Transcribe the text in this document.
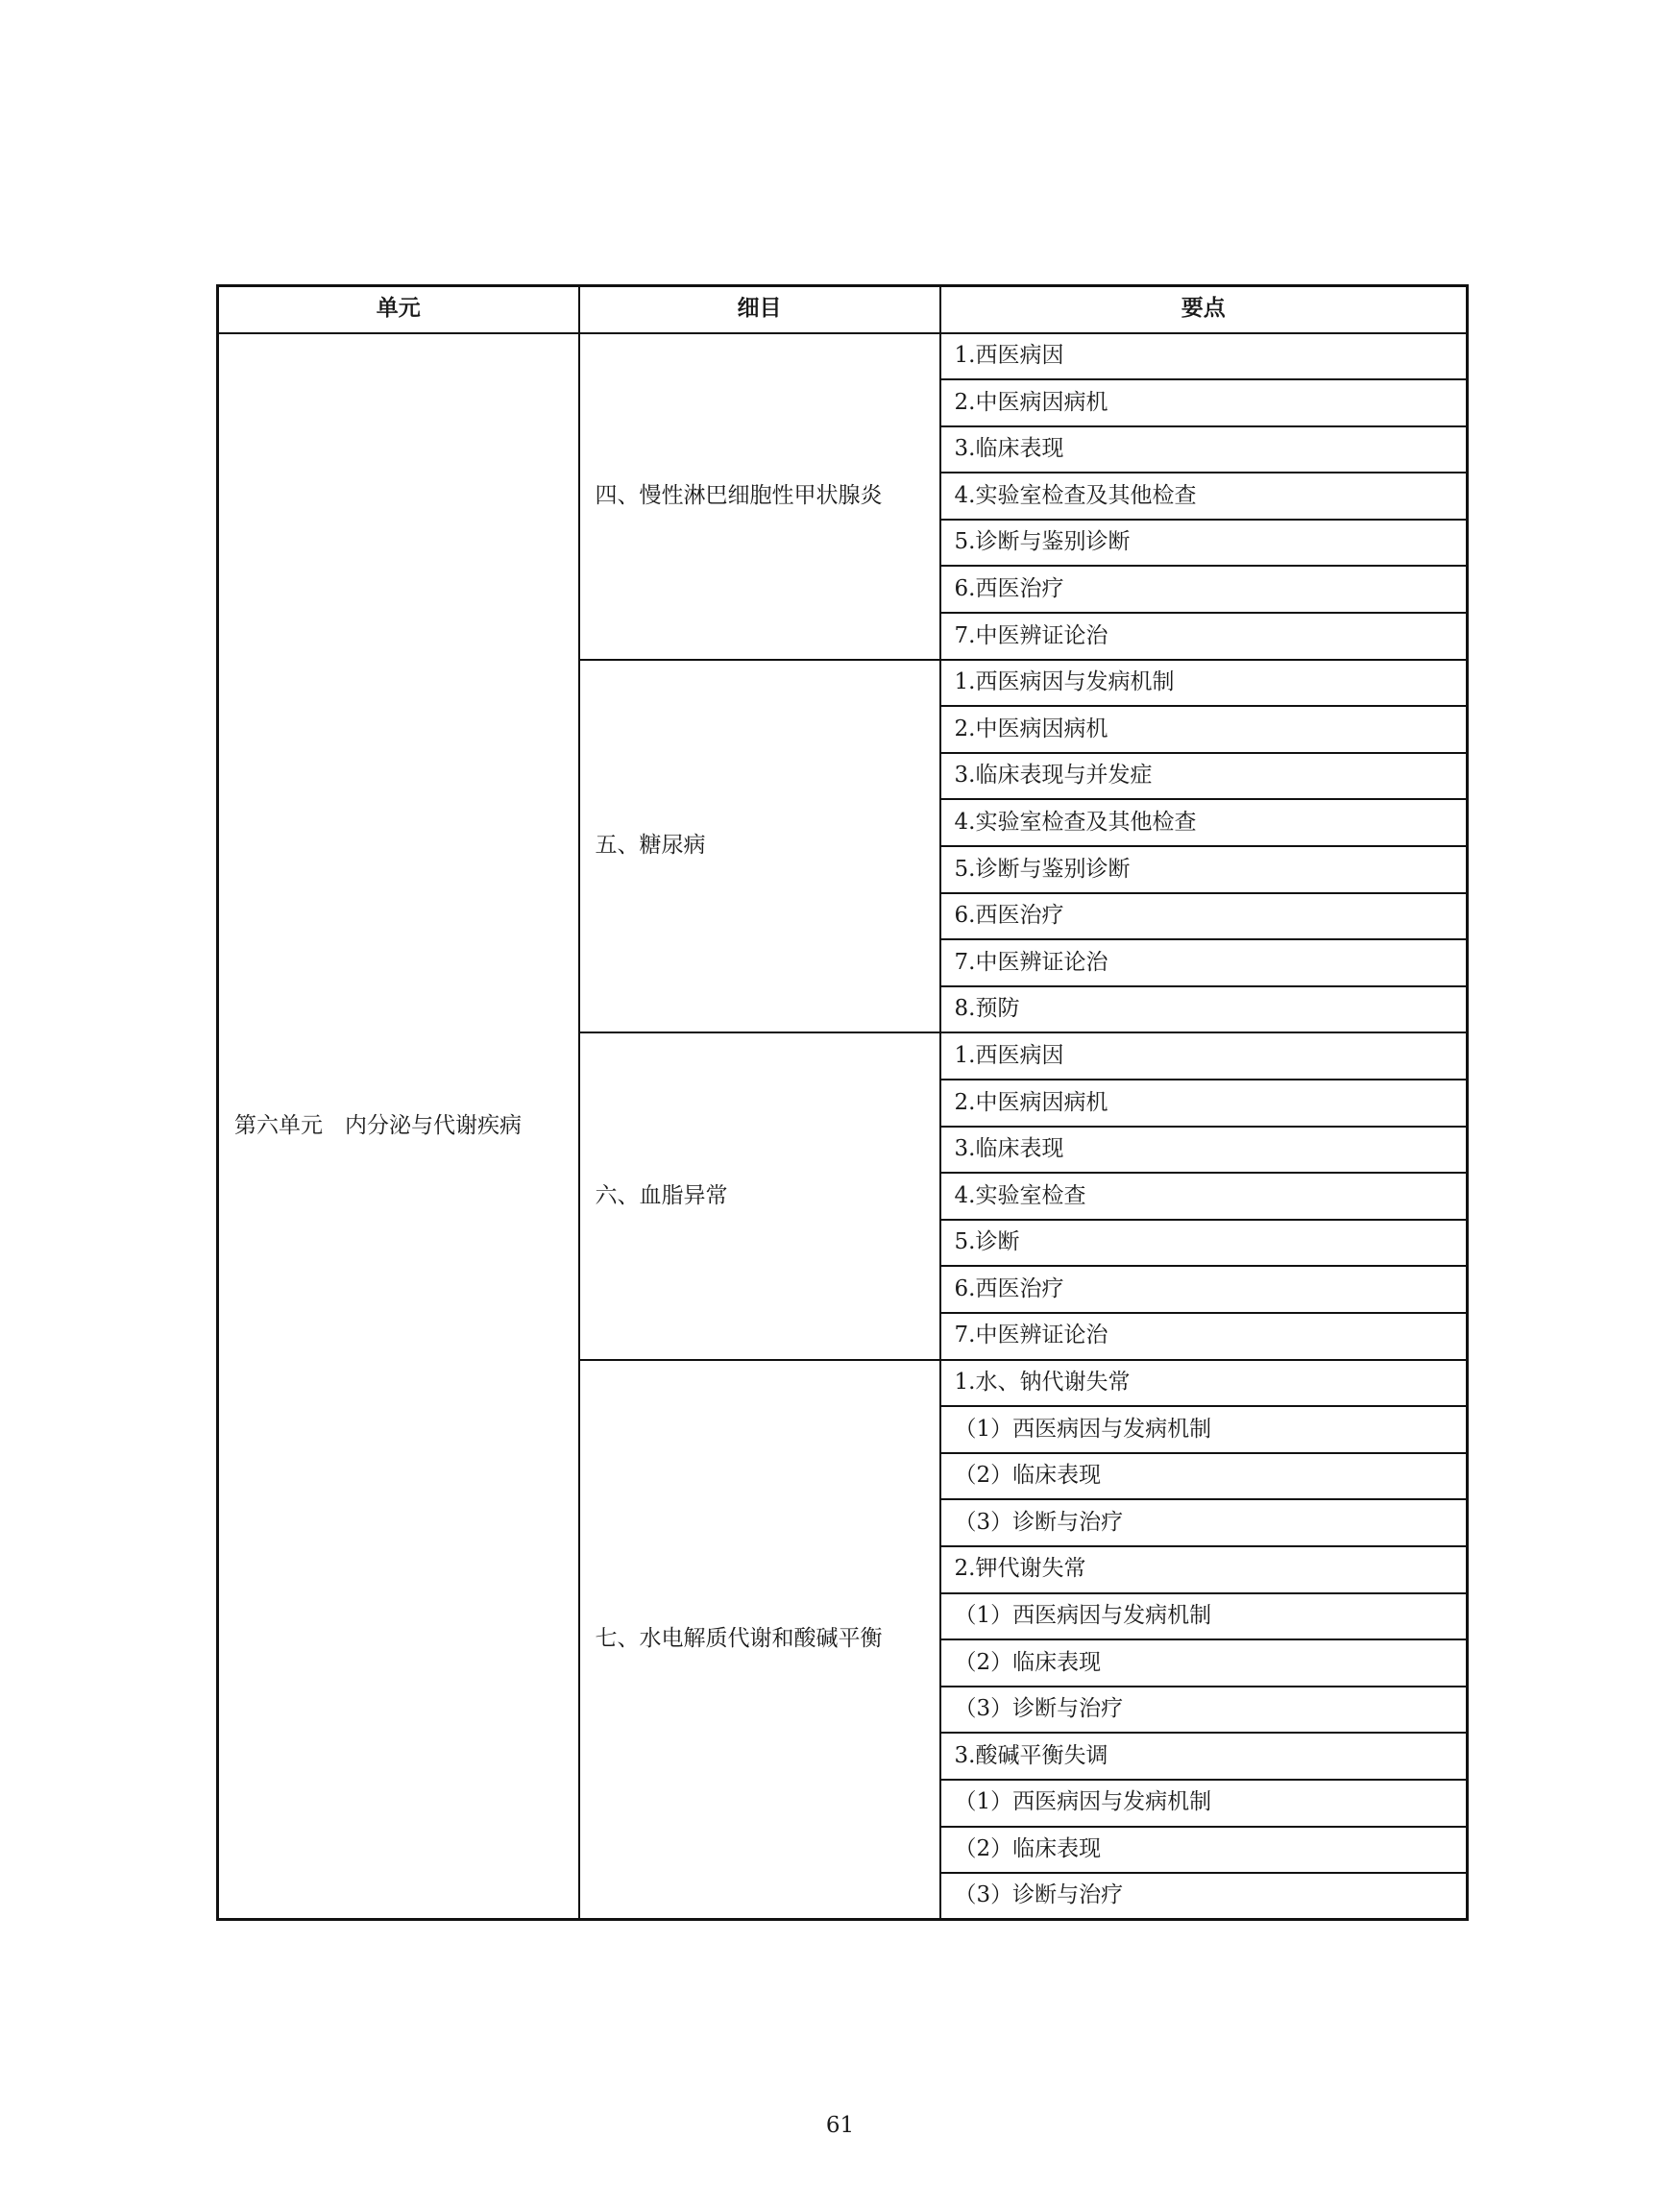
单元	细目	要点
第六单元　内分泌与代谢疾病	四、慢性淋巴细胞性甲状腺炎	1.西医病因
		2.中医病因病机
		3.临床表现
		4.实验室检查及其他检查
		5.诊断与鉴别诊断
		6.西医治疗
		7.中医辨证论治
	五、糖尿病	1.西医病因与发病机制
		2.中医病因病机
		3.临床表现与并发症
		4.实验室检查及其他检查
		5.诊断与鉴别诊断
		6.西医治疗
		7.中医辨证论治
		8.预防
	六、血脂异常	1.西医病因
		2.中医病因病机
		3.临床表现
		4.实验室检查
		5.诊断
		6.西医治疗
		7.中医辨证论治
	七、水电解质代谢和酸碱平衡	1.水、钠代谢失常
		（1）西医病因与发病机制
		（2）临床表现
		（3）诊断与治疗
		2.钾代谢失常
		（1）西医病因与发病机制
		（2）临床表现
		（3）诊断与治疗
		3.酸碱平衡失调
		（1）西医病因与发病机制
		（2）临床表现
		（3）诊断与治疗
61
